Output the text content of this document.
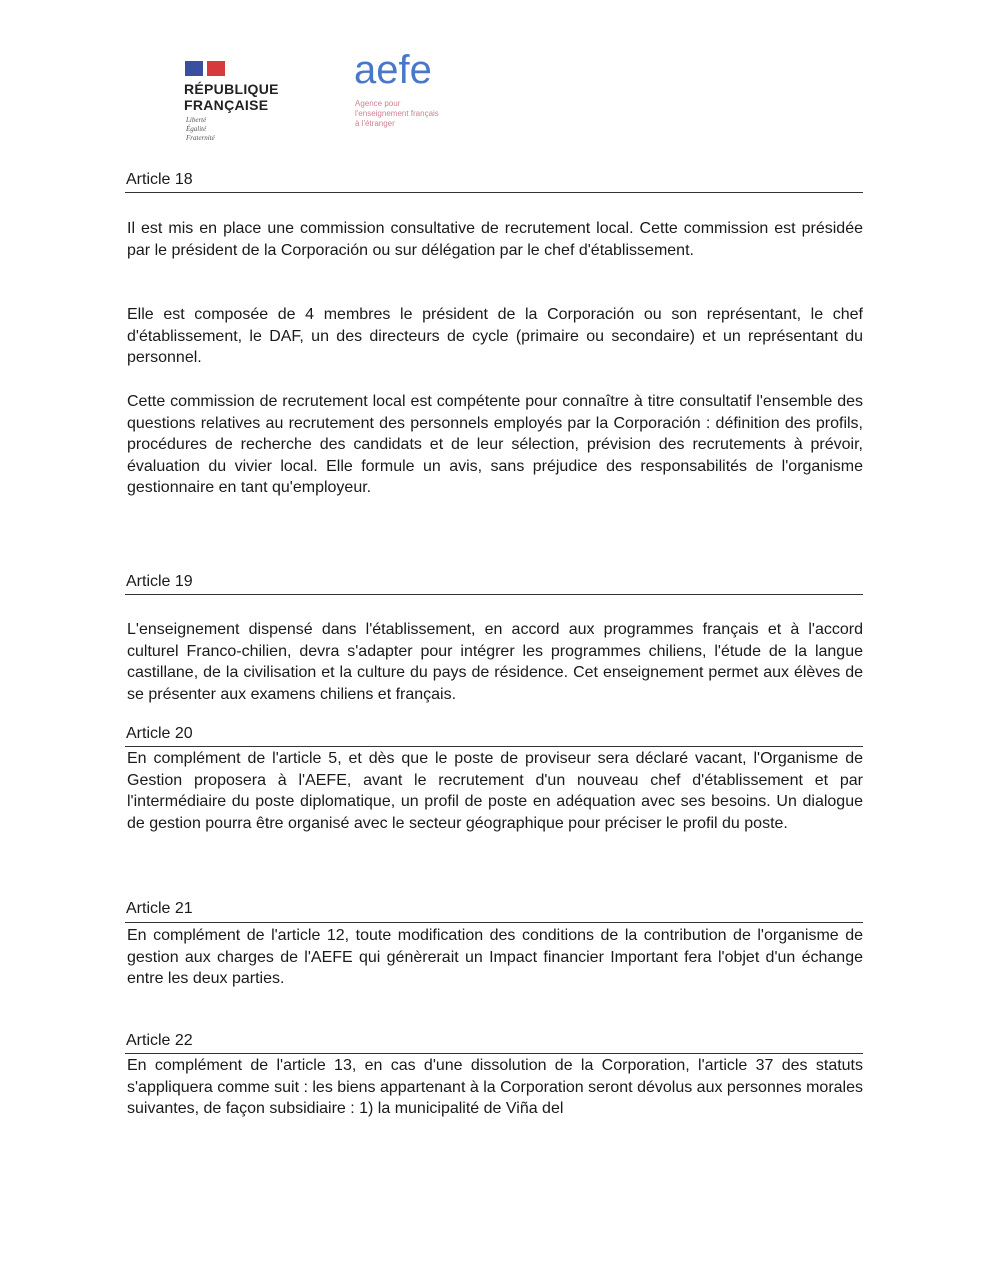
RÉPUBLIQUE
FRANÇAISE
Liberté
Égalité
Fraternité
aefe
Agence pour
l'enseignement français
à l'étranger
Article 18
Il est mis en place une commission consultative de recrutement local. Cette commission est présidée par le président de la Corporación ou sur délégation par le chef d'établissement.
Elle est composée de 4 membres le président de la Corporación ou son représentant, le chef d'établissement, le DAF, un des directeurs de cycle (primaire ou secondaire) et un représentant du personnel.
Cette commission de recrutement local est compétente pour connaître à titre consultatif l'ensemble des questions relatives au recrutement des personnels employés par la Corporación : définition des profils, procédures de recherche des candidats et de leur sélection, prévision des recrutements à prévoir, évaluation du vivier local. Elle formule un avis, sans préjudice des responsabilités de l'organisme gestionnaire en tant qu'employeur.
Article 19
L'enseignement dispensé dans l'établissement, en accord aux programmes français et à l'accord culturel Franco-chilien, devra s'adapter pour intégrer les programmes chiliens, l'étude de la langue castillane, de la civilisation et la culture du pays de résidence. Cet enseignement permet aux élèves de se présenter aux examens chiliens et français.
Article 20
En complément de l'article 5, et dès que le poste de proviseur sera déclaré vacant, l'Organisme de Gestion proposera à l'AEFE, avant le recrutement d'un nouveau chef d'établissement et par l'intermédiaire du poste diplomatique, un profil de poste en adéquation avec ses besoins. Un dialogue de gestion pourra être organisé avec le secteur géographique pour préciser le profil du poste.
Article 21
En complément de l'article 12, toute modification des conditions de la contribution de l'organisme de gestion aux charges de l'AEFE qui génèrerait un Impact financier Important fera l'objet d'un échange entre les deux parties.
Article 22
En complément de l'article 13, en cas d'une dissolution de la Corporation, l'article 37 des statuts s'appliquera comme suit : les biens appartenant à la Corporation seront dévolus aux personnes morales suivantes, de façon subsidiaire : 1) la municipalité de Viña del
